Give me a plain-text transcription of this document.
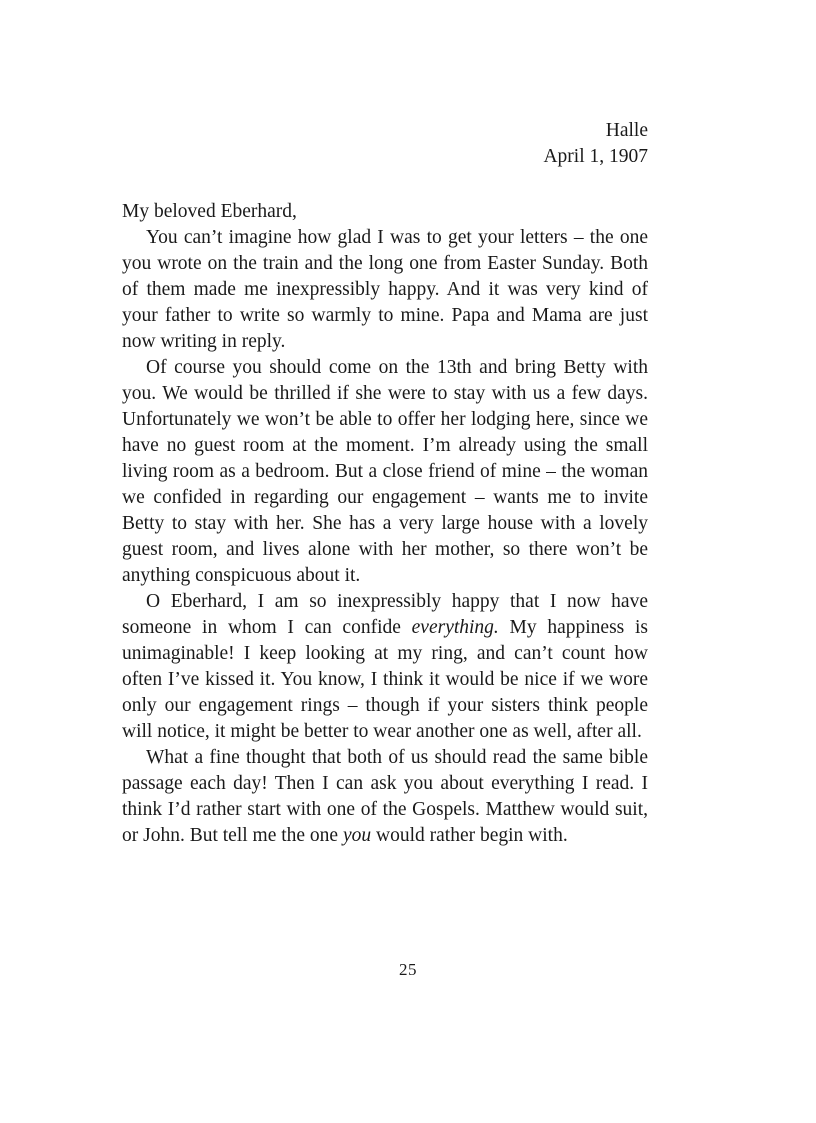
Halle
April 1, 1907

My beloved Eberhard,

You can’t imagine how glad I was to get your letters – the one you wrote on the train and the long one from Easter Sunday. Both of them made me inexpressibly happy. And it was very kind of your father to write so warmly to mine. Papa and Mama are just now writing in reply.

Of course you should come on the 13th and bring Betty with you. We would be thrilled if she were to stay with us a few days. Unfortunately we won’t be able to offer her lodging here, since we have no guest room at the moment. I’m already using the small living room as a bedroom. But a close friend of mine – the woman we confided in regarding our engagement – wants me to invite Betty to stay with her. She has a very large house with a lovely guest room, and lives alone with her mother, so there won’t be anything conspicuous about it.

O Eberhard, I am so inexpressibly happy that I now have someone in whom I can confide everything. My happiness is unimaginable! I keep looking at my ring, and can’t count how often I’ve kissed it. You know, I think it would be nice if we wore only our engagement rings – though if your sisters think people will notice, it might be better to wear another one as well, after all.

What a fine thought that both of us should read the same bible passage each day! Then I can ask you about everything I read. I think I’d rather start with one of the Gospels. Matthew would suit, or John. But tell me the one you would rather begin with.

25
